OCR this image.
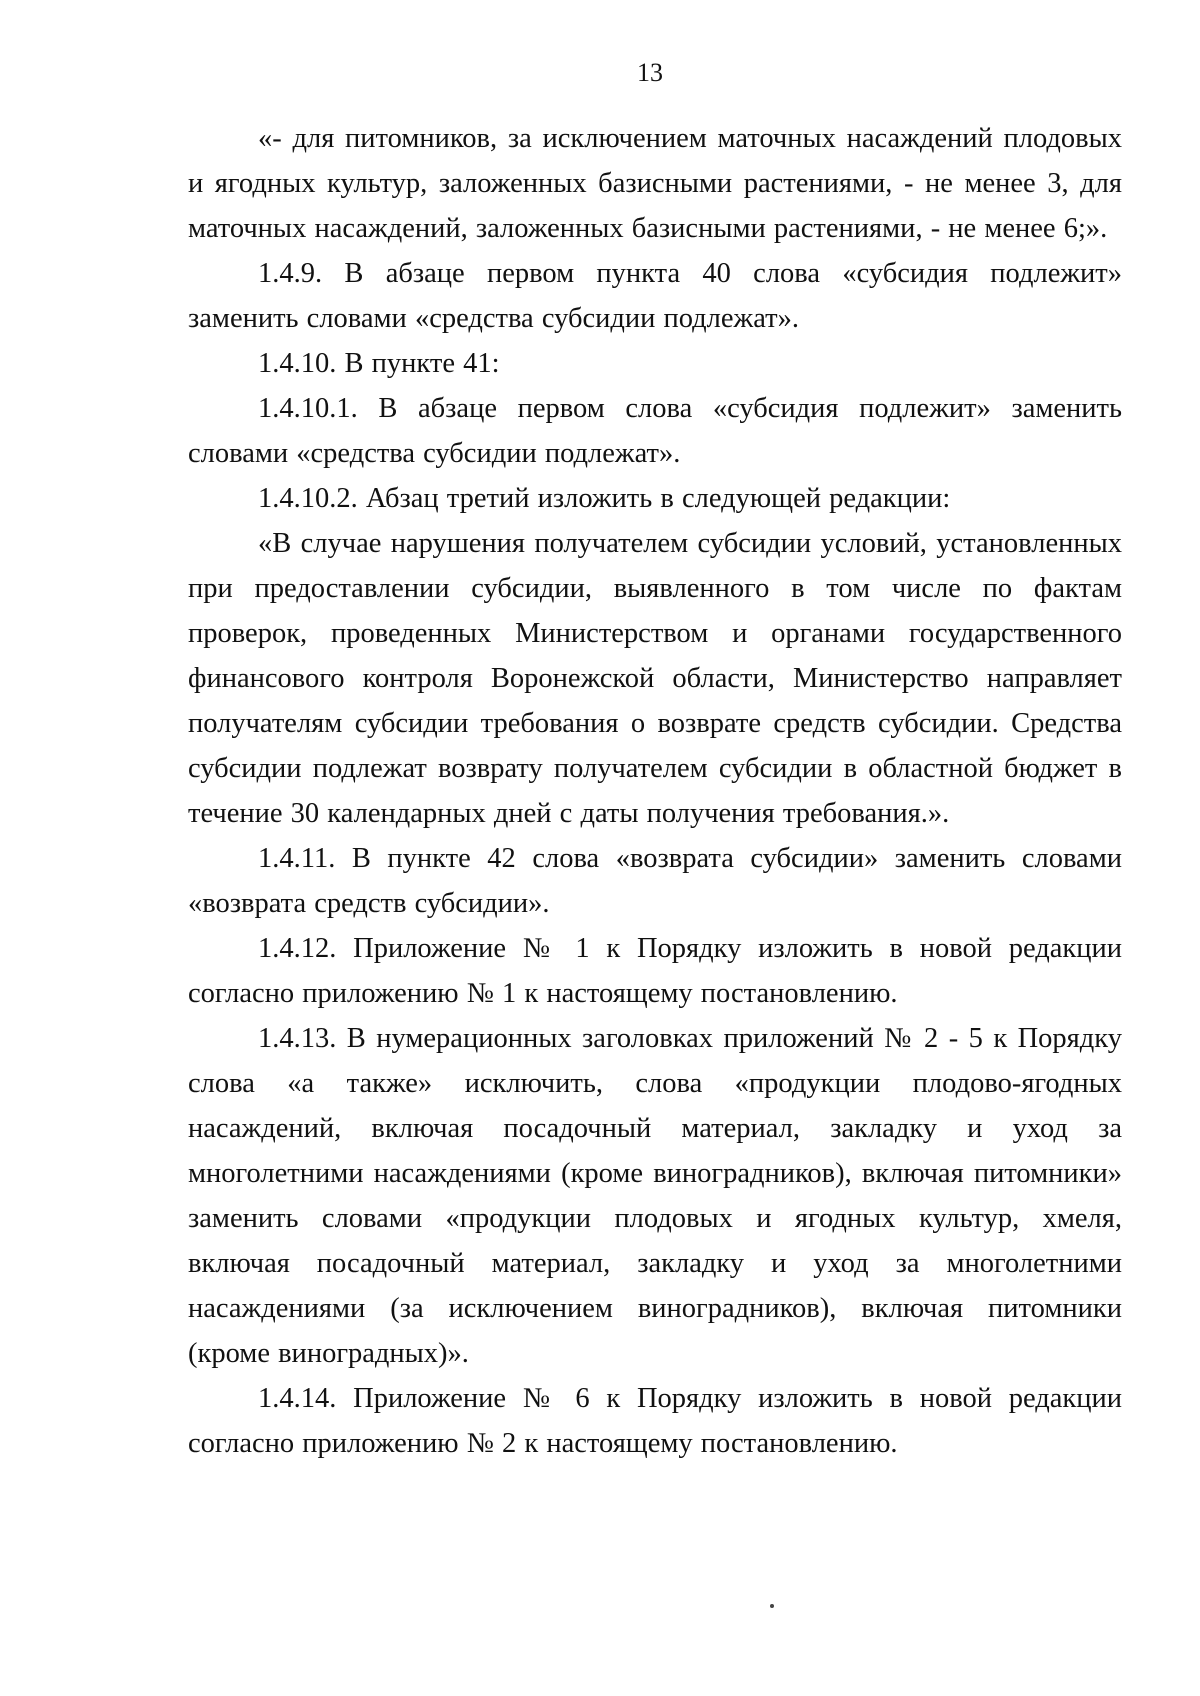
13

«- для питомников, за исключением маточных насаждений плодовых и ягодных культур, заложенных базисными растениями, - не менее 3, для маточных насаждений, заложенных базисными растениями, - не менее 6;».

1.4.9. В абзаце первом пункта 40 слова «субсидия подлежит» заменить словами «средства субсидии подлежат».

1.4.10. В пункте 41:

1.4.10.1. В абзаце первом слова «субсидия подлежит» заменить словами «средства субсидии подлежат».

1.4.10.2. Абзац третий изложить в следующей редакции:

«В случае нарушения получателем субсидии условий, установленных при предоставлении субсидии, выявленного в том числе по фактам проверок, проведенных Министерством и органами государственного финансового контроля Воронежской области, Министерство направляет получателям субсидии требования о возврате средств субсидии. Средства субсидии подлежат возврату получателем субсидии в областной бюджет в течение 30 календарных дней с даты получения требования.».

1.4.11. В пункте 42 слова «возврата субсидии» заменить словами «возврата средств субсидии».

1.4.12. Приложение № 1 к Порядку изложить в новой редакции согласно приложению № 1 к настоящему постановлению.

1.4.13. В нумерационных заголовках приложений № 2 - 5 к Порядку слова «а также» исключить, слова «продукции плодово-ягодных насаждений, включая посадочный материал, закладку и уход за многолетними насаждениями (кроме виноградников), включая питомники» заменить словами «продукции плодовых и ягодных культур, хмеля, включая посадочный материал, закладку и уход за многолетними насаждениями (за исключением виноградников), включая питомники (кроме виноградных)».

1.4.14. Приложение № 6 к Порядку изложить в новой редакции согласно приложению № 2 к настоящему постановлению.
